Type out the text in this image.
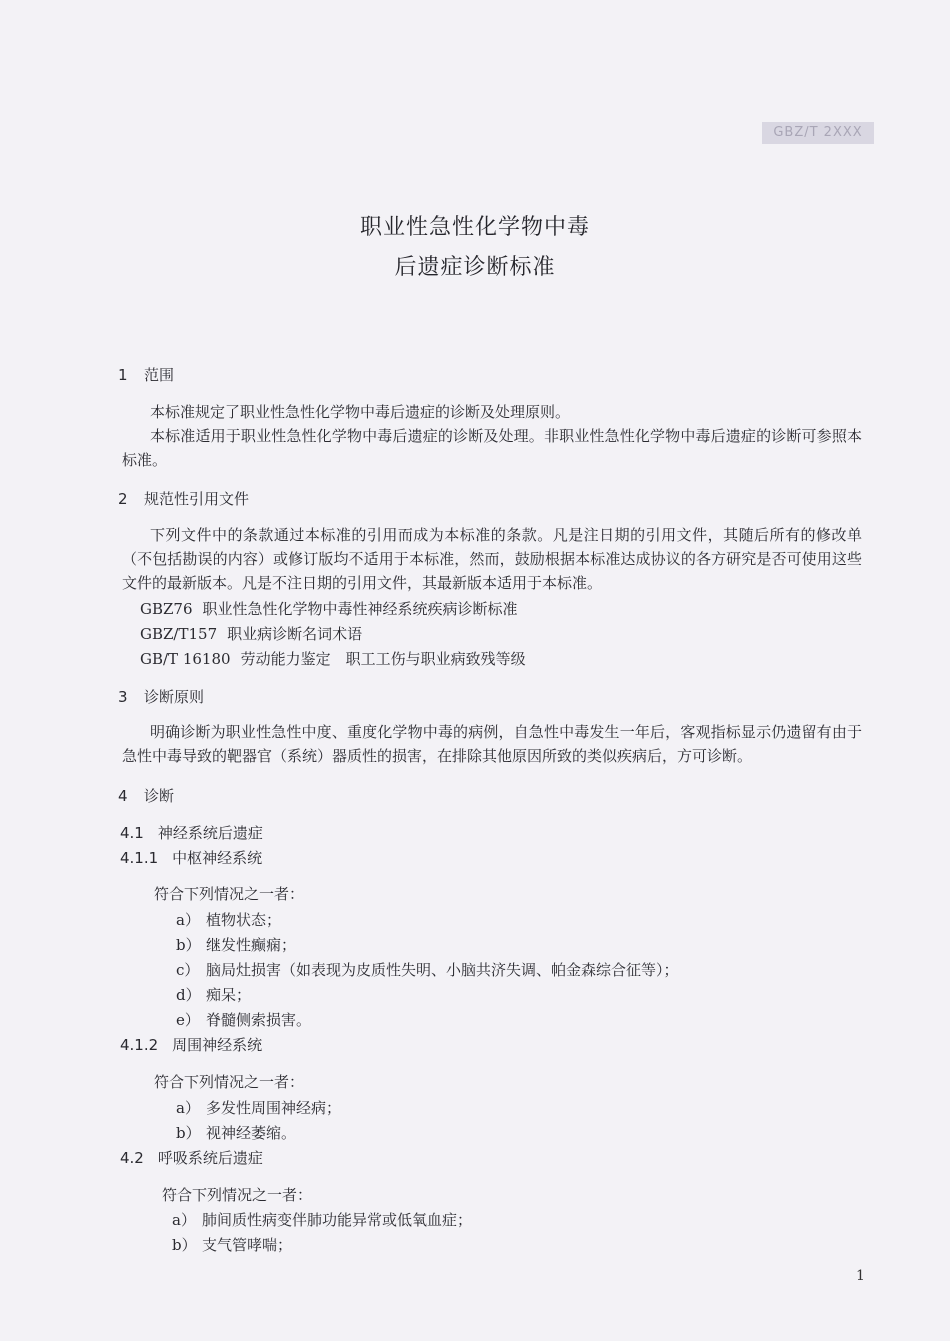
GBZ/T 2XXX
职业性急性化学物中毒
后遗症诊断标准
1 范围

本标准规定了职业性急性化学物中毒后遗症的诊断及处理原则。

本标准适用于职业性急性化学物中毒后遗症的诊断及处理。非职业性急性化学物中毒后遗症的诊断可参照本标准。

2 规范性引用文件

下列文件中的条款通过本标准的引用而成为本标准的条款。凡是注日期的引用文件，其随后所有的修改单（不包括勘误的内容）或修订版均不适用于本标准，然而，鼓励根据本标准达成协议的各方研究是否可使用这些文件的最新版本。凡是不注日期的引用文件，其最新版本适用于本标准。

GBZ76 职业性急性化学物中毒性神经系统疾病诊断标准
GBZ/T157 职业病诊断名词术语
GB/T 16180 劳动能力鉴定　职工工伤与职业病致残等级
3 诊断原则

明确诊断为职业性急性中度、重度化学物中毒的病例，自急性中毒发生一年后，客观指标显示仍遗留有由于急性中毒导致的靶器官（系统）器质性的损害，在排除其他原因所致的类似疾病后，方可诊断。

4 诊断
4.1 神经系统后遗症
4.1.1 中枢神经系统
符合下列情况之一者：
a） 植物状态；
b） 继发性癫痫；
c） 脑局灶损害（如表现为皮质性失明、小脑共济失调、帕金森综合征等）；
d） 痴呆；
e） 脊髓侧索损害。
4.1.2 周围神经系统
符合下列情况之一者：
a） 多发性周围神经病；
b） 视神经萎缩。
4.2 呼吸系统后遗症
符合下列情况之一者：
a） 肺间质性病变伴肺功能异常或低氧血症；
b） 支气管哮喘；
1
